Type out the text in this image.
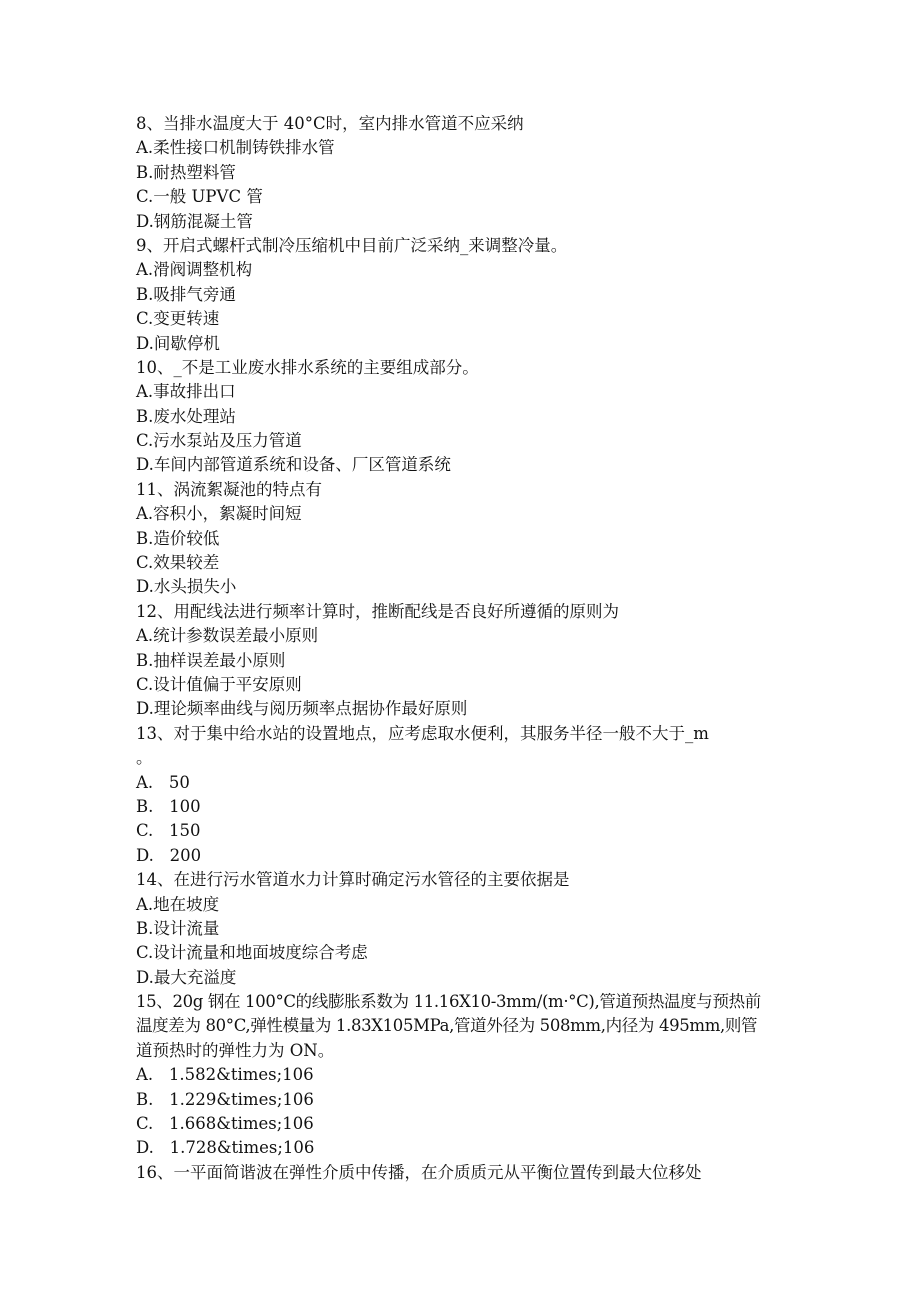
8、当排水温度大于 40°C时，室内排水管道不应采纳
A.柔性接口机制铸铁排水管
B.耐热塑料管
C.一般 UPVC 管
D.钢筋混凝土管
9、开启式螺杆式制冷压缩机中目前广泛采纳_来调整冷量。
A.滑阀调整机构
B.吸排气旁通
C.变更转速
D.间歇停机
10、_不是工业废水排水系统的主要组成部分。
A.事故排出口
B.废水处理站
C.污水泵站及压力管道
D.车间内部管道系统和设备、厂区管道系统
11、涡流絮凝池的特点有
A.容积小，絮凝时间短
B.造价较低
C.效果较差
D.水头损失小
12、用配线法进行频率计算时，推断配线是否良好所遵循的原则为
A.统计参数误差最小原则
B.抽样误差最小原则
C.设计值偏于平安原则
D.理论频率曲线与阅历频率点据协作最好原则
13、对于集中给水站的设置地点，应考虑取水便利，其服务半径一般不大于_m
。
A.   50
B.   100
C.   150
D.   200
14、在进行污水管道水力计算时确定污水管径的主要依据是
A.地在坡度
B.设计流量
C.设计流量和地面坡度综合考虑
D.最大充溢度
15、20g 钢在 100°C的线膨胀系数为 11.16X10-3mm/(m·°C),管道预热温度与预热前
温度差为 80°C,弹性模量为 1.83X105MPa,管道外径为 508mm,内径为 495mm,则管
道预热时的弹性力为 ON。
A.   1.582&times;106
B.   1.229&times;106
C.   1.668&times;106
D.   1.728&times;106
16、一平面简谐波在弹性介质中传播，在介质质元从平衡位置传到最大位移处
